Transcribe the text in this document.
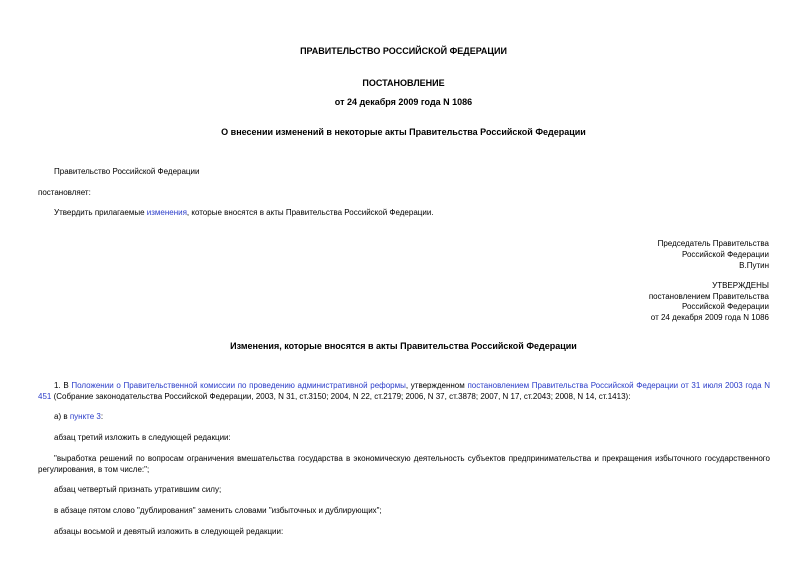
ПРАВИТЕЛЬСТВО РОССИЙСКОЙ ФЕДЕРАЦИИ
ПОСТАНОВЛЕНИЕ
от 24 декабря 2009 года N 1086
О внесении изменений в некоторые акты Правительства Российской Федерации
Правительство Российской Федерации
постановляет:
Утвердить прилагаемые изменения, которые вносятся в акты Правительства Российской Федерации.
Председатель Правительства
Российской Федерации
В.Путин
УТВЕРЖДЕНЫ
постановлением Правительства
Российской Федерации
от 24 декабря 2009 года N 1086
Изменения, которые вносятся в акты Правительства Российской Федерации
1. В Положении о Правительственной комиссии по проведению административной реформы, утвержденном постановлением Правительства Российской Федерации от 31 июля 2003 года N 451 (Собрание законодательства Российской Федерации, 2003, N 31, ст.3150; 2004, N 22, ст.2179; 2006, N 37, ст.3878; 2007, N 17, ст.2043; 2008, N 14, ст.1413):
а) в пункте 3:
абзац третий изложить в следующей редакции:
"выработка решений по вопросам ограничения вмешательства государства в экономическую деятельность субъектов предпринимательства и прекращения избыточного государственного регулирования, в том числе:";
абзац четвертый признать утратившим силу;
в абзаце пятом слово "дублирования" заменить словами "избыточных и дублирующих";
абзацы восьмой и девятый изложить в следующей редакции:
